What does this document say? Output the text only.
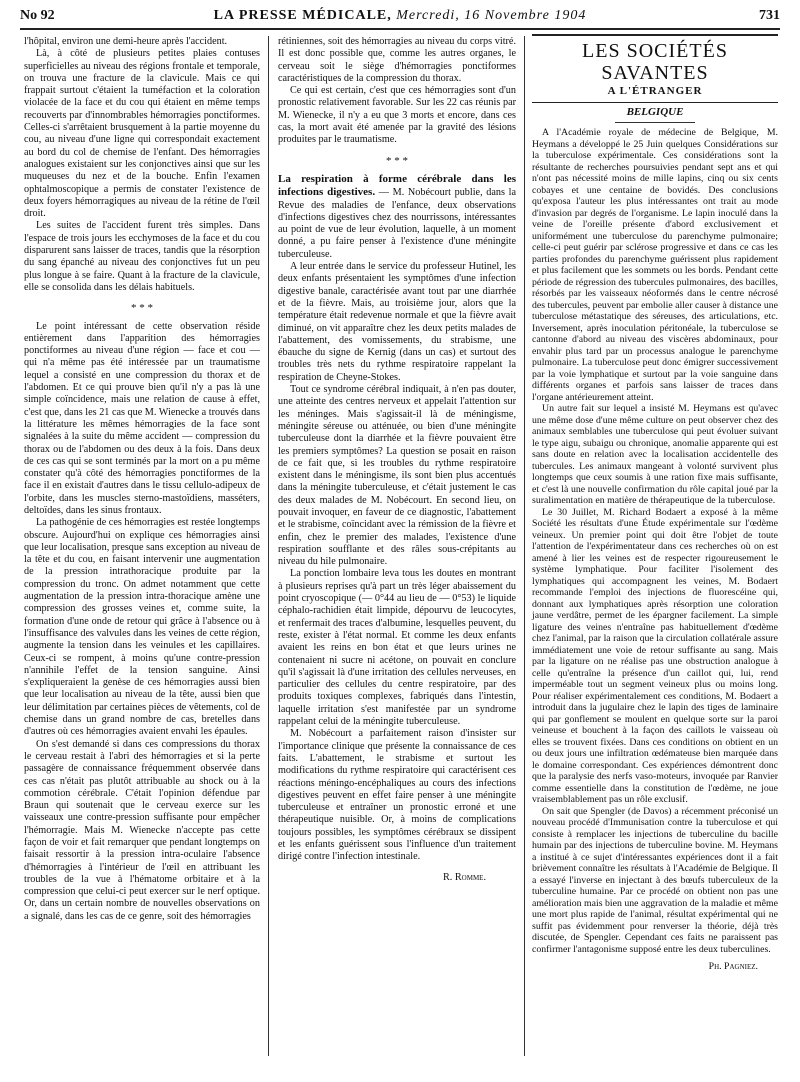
No 92	LA PRESSE MÉDICALE, Mercredi, 16 Novembre 1904	731

l'hôpital, environ une demi-heure après l'accident.

Là, à côté de plusieurs petites plaies contuses superficielles au niveau des régions frontale et temporale, on trouva une fracture de la clavicule. Mais ce qui frappait surtout c'étaient la tuméfaction et la coloration violacée de la face et du cou qui étaient en même temps recouverts par d'innombrables hémorragies ponctiformes. Celles-ci s'arrêtaient brusquement à la partie moyenne du cou, au niveau d'une ligne qui correspondait exactement au bord du col de chemise de l'enfant. Des hémorragies analogues existaient sur les conjonctives ainsi que sur les muqueuses du nez et de la bouche. Enfin l'examen ophtalmoscopique a permis de constater l'existence de deux foyers hémorragiques au niveau de la rétine de l'œil droit.

Les suites de l'accident furent très simples. Dans l'espace de trois jours les ecchymoses de la face et du cou disparurent sans laisser de traces, tandis que la résorption du sang épanché au niveau des conjonctives fut un peu plus longue à se faire. Quant à la fracture de la clavicule, elle se consolida dans les délais habituels.

* * *

Le point intéressant de cette observation réside entièrement dans l'apparition des hémorragies ponctiformes au niveau d'une région — face et cou — qui n'a même pas été intéressée par un traumatisme lequel a consisté en une compression du thorax et de l'abdomen. Et ce qui prouve bien qu'il n'y a pas là une simple coïncidence, mais une relation de cause à effet, c'est que, dans les 21 cas que M. Wienecke a trouvés dans la littérature les mêmes hémorragies de la face sont signalées à la suite du même accident — compression du thorax ou de l'abdomen ou des deux à la fois. Dans deux de ces cas qui se sont terminés par la mort on a pu même constater qu'à côté des hémorragies ponctiformes de la face il en existait d'autres dans le tissu cellulo-adipeux de l'orbite, dans les muscles sterno-mastoïdiens, masséters, deltoïdes, dans les sinus frontaux.

La pathogénie de ces hémorragies est restée longtemps obscure. Aujourd'hui on explique ces hémorragies ainsi que leur localisation, presque sans exception au niveau de la tête et du cou, en faisant intervenir une augmentation de la pression intrathoracique produite par la compression du tronc. On admet notamment que cette augmentation de la pression intra-thoracique amène une compression des grosses veines et, comme suite, la formation d'une onde de retour qui grâce à l'absence ou à l'insuffisance des valvules dans les veines de cette région, augmente la tension dans les veinules et les capillaires. Ceux-ci se rompent, à moins qu'une contre-pression n'annihile l'effet de la tension sanguine. Ainsi s'expliqueraient la genèse de ces hémorragies aussi bien que leur localisation au niveau de la tête, aussi bien que leur délimitation par certaines pièces de vêtements, col de chemise dans un grand nombre de cas, bretelles dans d'autres où ces hémorragies avaient envahi les épaules.

On s'est demandé si dans ces compressions du thorax le cerveau restait à l'abri des hémorragies et si la perte passagère de connaissance fréquemment observée dans ces cas n'était pas plutôt attribuable au shock ou à la commotion cérébrale. C'était l'opinion défendue par Braun qui soutenait que le cerveau exerce sur les vaisseaux une contre-pression suffisante pour empêcher l'hémorragie. Mais M. Wienecke n'accepte pas cette façon de voir et fait remarquer que pendant longtemps on faisait ressortir à la pression intra-oculaire l'absence d'hémorragies à l'intérieur de l'œil en attribuant les troubles de la vue à l'hématome orbitaire et à la compression que celui-ci peut exercer sur le nerf optique. Or, dans un certain nombre de nouvelles observations on a signalé, dans les cas de ce genre, soit des hémorragies

rétiniennes, soit des hémorragies au niveau du corps vitré. Il est donc possible que, comme les autres organes, le cerveau soit le siège d'hémorragies ponctiformes caractéristiques de la compression du thorax.

Ce qui est certain, c'est que ces hémorragies sont d'un pronostic relativement favorable. Sur les 22 cas réunis par M. Wienecke, il n'y a eu que 3 morts et encore, dans ces cas, la mort avait été amenée par la gravité des lésions produites par le traumatisme.

* * *

La respiration à forme cérébrale dans les infections digestives. — M. Nobécourt publie, dans la Revue des maladies de l'enfance, deux observations d'infections digestives chez des nourrissons, intéressantes au point de vue de leur évolution, laquelle, à un moment donné, a pu faire penser à l'existence d'une méningite tuberculeuse.

A leur entrée dans le service du professeur Hutinel, les deux enfants présentaient les symptômes d'une infection digestive banale, caractérisée avant tout par une diarrhée et de la fièvre. Mais, au troisième jour, alors que la température était redevenue normale et que la fièvre avait diminué, on vit apparaître chez les deux petits malades de l'abattement, des vomissements, du strabisme, une ébauche du signe de Kernig (dans un cas) et surtout des troubles très nets du rythme respiratoire rappelant la respiration de Cheyne-Stokes.

Tout ce syndrome cérébral indiquait, à n'en pas douter, une atteinte des centres nerveux et appelait l'attention sur les méninges. Mais s'agissait-il là de méningisme, méningite séreuse ou atténuée, ou bien d'une méningite tuberculeuse dont la diarrhée et la fièvre pouvaient être les premiers symptômes? La question se posait en raison de ce fait que, si les troubles du rythme respiratoire existent dans le méningisme, ils sont bien plus accentués dans la méningite tuberculeuse, et c'était justement le cas des deux malades de M. Nobécourt. En second lieu, on pouvait invoquer, en faveur de ce diagnostic, l'abattement et le strabisme, coïncidant avec la rémission de la fièvre et enfin, chez le premier des malades, l'existence d'une respiration soufflante et des râles sous-crépitants au niveau du hile pulmonaire.

La ponction lombaire leva tous les doutes en montrant à plusieurs reprises qu'à part un très léger abaissement du point cryoscopique (— 0°44 au lieu de — 0°53) le liquide céphalo-rachidien était limpide, dépourvu de leucocytes, et renfermait des traces d'albumine, lesquelles peuvent, du reste, exister à l'état normal. Et comme les deux enfants avaient les reins en bon état et que leurs urines ne contenaient ni sucre ni acétone, on pouvait en conclure qu'il s'agissait là d'une irritation des cellules nerveuses, en particulier des cellules du centre respiratoire, par des produits toxiques complexes, fabriqués dans l'intestin, laquelle irritation s'est manifestée par un syndrome rappelant celui de la méningite tuberculeuse.

M. Nobécourt a parfaitement raison d'insister sur l'importance clinique que présente la connaissance de ces faits. L'abattement, le strabisme et surtout les modifications du rythme respiratoire qui caractérisent ces réactions méningo-encéphaliques au cours des infections digestives peuvent en effet faire penser à une méningite tuberculeuse et entraîner un pronostic erroné et une thérapeutique nuisible. Or, à moins de complications toujours possibles, les symptômes cérébraux se dissipent et les enfants guérissent sous l'influence d'un traitement dirigé contre l'infection intestinale.

R. Romme.

LES SOCIÉTÉS SAVANTES
A L'ÉTRANGER
BELGIQUE

A l'Académie royale de médecine de Belgique, M. Heymans a développé le 25 Juin quelques Considérations sur la tuberculose expérimentale. Ces considérations sont la résultante de recherches poursuivies pendant sept ans et qui n'ont pas nécessité moins de mille lapins, cinq ou six cents cobayes et une centaine de bovidés. Des conclusions qu'exposa l'auteur les plus intéressantes ont trait au mode d'invasion par degrés de l'organisme. Le lapin inoculé dans la veine de l'oreille présente d'abord exclusivement et uniformément une tuberculose du parenchyme pulmonaire; celle-ci peut guérir par sclérose progressive et dans ce cas les parties profondes du parenchyme guérissent plus rapidement et plus facilement que les sommets ou les bords. Pendant cette période de régression des tubercules pulmonaires, des bacilles, résorbés par les vaisseaux néoformés dans le centre nécrosé des tubercules, peuvent par embolie aller causer à distance une tuberculose métastatique des séreuses, des articulations, etc. Inversement, après inoculation péritonéale, la tuberculose se cantonne d'abord au niveau des viscères abdominaux, pour envahir plus tard par un processus analogue le parenchyme pulmonaire. La tuberculose peut donc émigrer successivement par la voie lymphatique et surtout par la voie sanguine dans différents organes et parfois sans laisser de traces dans l'organe antérieurement atteint.

Un autre fait sur lequel a insisté M. Heymans est qu'avec une même dose d'une même culture on peut observer chez des animaux semblables une tuberculose qui peut évoluer suivant le type aigu, subaigu ou chronique, anomalie apparente qui est sans doute en relation avec la localisation accidentelle des tubercules. Les animaux mangeant à volonté survivent plus longtemps que ceux soumis à une ration fixe mais suffisante, et c'est là une nouvelle confirmation du rôle capital joué par la suralimentation en matière de thérapeutique de la tuberculose.

Le 30 Juillet, M. Richard Bodaert a exposé à la même Société les résultats d'une Étude expérimentale sur l'œdème veineux. Un premier point qui doit être l'objet de toute l'attention de l'expérimentateur dans ces recherches où on est amené à lier les veines est de respecter rigoureusement le système lymphatique. Pour faciliter l'isolement des lymphatiques qui accompagnent les veines, M. Bodaert recommande l'emploi des injections de fluorescéine qui, donnant aux lymphatiques après résorption une coloration jaune verdâtre, permet de les épargner facilement. La simple ligature des veines n'entraîne pas habituellement d'œdème chez l'animal, par la raison que la circulation collatérale assure immédiatement une voie de retour suffisante au sang. Mais par la ligature on ne réalise pas une obstruction analogue à celle qu'entraîne la présence d'un caillot qui, lui, rend imperméable tout un segment veineux plus ou moins long. Pour réaliser expérimentalement ces conditions, M. Bodaert a introduit dans la jugulaire chez le lapin des tiges de laminaire qui par gonflement se moulent en quelque sorte sur la paroi veineuse et bouchent à la façon des caillots le vaisseau où elles se trouvent fixées. Dans ces conditions on obtient en un ou deux jours une infiltration œdémateuse bien marquée dans le domaine correspondant. Ces expériences démontrent donc que la paralysie des nerfs vaso-moteurs, invoquée par Ranvier comme essentielle dans la constitution de l'œdème, ne joue vraisemblablement pas un rôle exclusif.

On sait que Spengler (de Davos) a récemment préconisé un nouveau procédé d'Immunisation contre la tuberculose et qui consiste à remplacer les injections de tuberculine du bacille humain par des injections de tuberculine bovine. M. Heymans a institué à ce sujet d'intéressantes expériences dont il a fait brièvement connaître les résultats à l'Académie de Belgique. Il a essayé l'inverse en injectant à des bœufs tuberculeux de la tuberculine humaine. Par ce procédé on obtient non pas une amélioration mais bien une aggravation de la maladie et même une mort plus rapide de l'animal, résultat expérimental qui ne suffit pas évidemment pour renverser la théorie, déjà très discutée, de Spengler. Cependant ces faits ne paraissent pas confirmer l'antagonisme supposé entre les deux tuberculines.

Ph. Pagniez.
